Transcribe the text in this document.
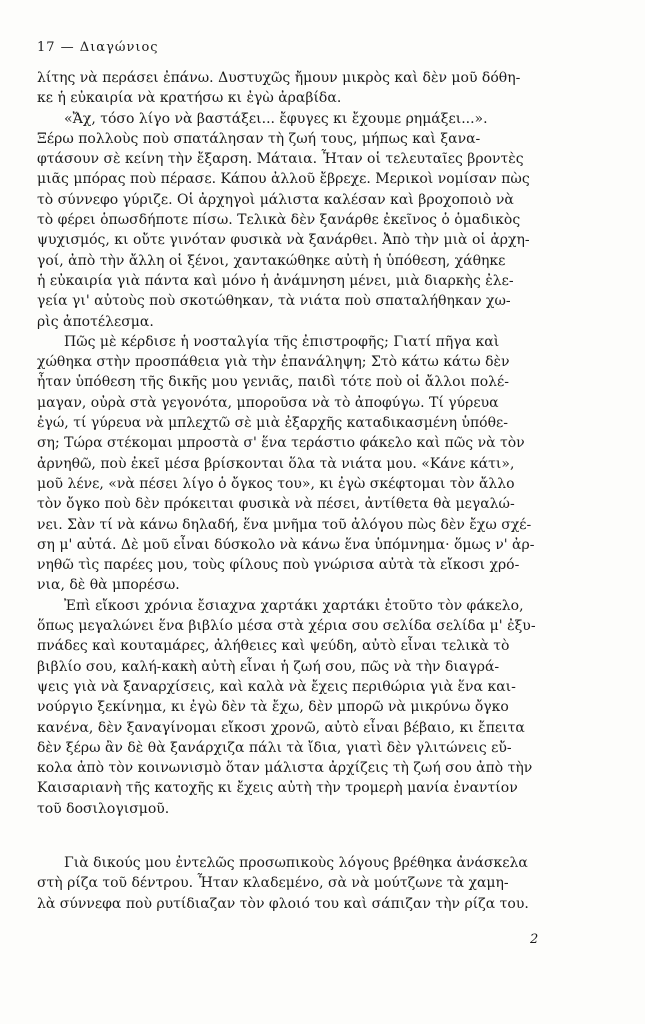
17 — Διαγώνιος
λίτης νὰ περάσει ἐπάνω. Δυστυχῶς ἤμουν μικρὸς καὶ δὲν μοῦ δόθη-
κε ἡ εὐκαιρία νὰ κρατήσω κι ἐγὼ ἀραβίδα.
«Ἄχ, τόσο λίγο νὰ βαστάξει... ἔφυγες κι ἔχουμε ρημάξει...».
Ξέρω πολλοὺς ποὺ σπατάλησαν τὴ ζωή τους, μήπως καὶ ξανα-
φτάσουν σὲ κείνη τὴν ἔξαρση. Μάταια. Ἦταν οἱ τελευταῖες βροντὲς
μιᾶς μπόρας ποὺ πέρασε. Κάπου ἀλλοῦ ἔβρεχε. Μερικοὶ νομίσαν πὼς
τὸ σύννεφο γύριζε. Οἱ ἀρχηγοὶ μάλιστα καλέσαν καὶ βροχοποιὸ νὰ
τὸ φέρει ὁπωσδήποτε πίσω. Τελικὰ δὲν ξανάρθε ἐκεῖνος ὁ ὁμαδικὸς
ψυχισμός, κι οὔτε γινόταν φυσικὰ νὰ ξανάρθει. Ἀπὸ τὴν μιὰ οἱ ἀρχη-
γοί, ἀπὸ τὴν ἄλλη οἱ ξένοι, χαντακώθηκε αὐτὴ ἡ ὑπόθεση, χάθηκε
ἡ εὐκαιρία γιὰ πάντα καὶ μόνο ἡ ἀνάμνηση μένει, μιὰ διαρκὴς ἐλε-
γεία γι' αὐτοὺς ποὺ σκοτώθηκαν, τὰ νιάτα ποὺ σπαταλήθηκαν χω-
ρὶς ἀποτέλεσμα.
Πῶς μὲ κέρδισε ἡ νοσταλγία τῆς ἐπιστροφῆς; Γιατί πῆγα καὶ
χώθηκα στὴν προσπάθεια γιὰ τὴν ἐπανάληψη; Στὸ κάτω κάτω δὲν
ἦταν ὑπόθεση τῆς δικῆς μου γενιᾶς, παιδὶ τότε ποὺ οἱ ἄλλοι πολέ-
μαγαν, οὐρὰ στὰ γεγονότα, μποροῦσα νὰ τὸ ἀποφύγω. Τί γύρευα
ἐγώ, τί γύρευα νὰ μπλεχτῶ σὲ μιὰ ἐξαρχῆς καταδικασμένη ὑπόθε-
ση; Τώρα στέκομαι μπροστὰ σ' ἕνα τεράστιο φάκελο καὶ πῶς νὰ τὸν
ἀρνηθῶ, ποὺ ἐκεῖ μέσα βρίσκονται ὅλα τὰ νιάτα μου. «Κάνε κάτι»,
μοῦ λένε, «νὰ πέσει λίγο ὁ ὄγκος του», κι ἐγὼ σκέφτομαι τὸν ἄλλο
τὸν ὄγκο ποὺ δὲν πρόκειται φυσικὰ νὰ πέσει, ἀντίθετα θὰ μεγαλώ-
νει. Σὰν τί νὰ κάνω δηλαδή, ἕνα μνῆμα τοῦ ἀλόγου πὼς δὲν ἔχω σχέ-
ση μ' αὐτά. Δὲ μοῦ εἶναι δύσκολο νὰ κάνω ἕνα ὑπόμνημα· ὅμως ν' ἀρ-
νηθῶ τὶς παρέες μου, τοὺς φίλους ποὺ γνώρισα αὐτὰ τὰ εἴκοσι χρό-
νια, δὲ θὰ μπορέσω.
Ἐπὶ εἴκοσι χρόνια ἔσιαχνα χαρτάκι χαρτάκι ἐτοῦτο τὸν φάκελο,
ὅπως μεγαλώνει ἕνα βιβλίο μέσα στὰ χέρια σου σελίδα σελίδα μ' ἐξυ-
πνάδες καὶ κουταμάρες, ἀλήθειες καὶ ψεύδη, αὐτὸ εἶναι τελικὰ τὸ
βιβλίο σου, καλή-κακὴ αὐτὴ εἶναι ἡ ζωή σου, πῶς νὰ τὴν διαγρά-
ψεις γιὰ νὰ ξαναρχίσεις, καὶ καλὰ νὰ ἔχεις περιθώρια γιὰ ἕνα και-
νούργιο ξεκίνημα, κι ἐγὼ δὲν τὰ ἔχω, δὲν μπορῶ νὰ μικρύνω ὄγκο
κανένα, δὲν ξαναγίνομαι εἴκοσι χρονῶ, αὐτὸ εἶναι βέβαιο, κι ἔπειτα
δὲν ξέρω ἂν δὲ θὰ ξανάρχιζα πάλι τὰ ἴδια, γιατὶ δὲν γλιτώνεις εὔ-
κολα ἀπὸ τὸν κοινωνισμὸ ὅταν μάλιστα ἀρχίζεις τὴ ζωή σου ἀπὸ τὴν
Καισαριανὴ τῆς κατοχῆς κι ἔχεις αὐτὴ τὴν τρομερὴ μανία ἐναντίον
τοῦ δοσιλογισμοῦ.
Γιὰ δικούς μου ἐντελῶς προσωπικοὺς λόγους βρέθηκα ἀνάσκελα
στὴ ρίζα τοῦ δέντρου. Ἦταν κλαδεμένο, σὰ νὰ μούτζωνε τὰ χαμη-
λὰ σύννεφα ποὺ ρυτίδιαζαν τὸν φλοιό του καὶ σάπιζαν τὴν ρίζα του.
2
